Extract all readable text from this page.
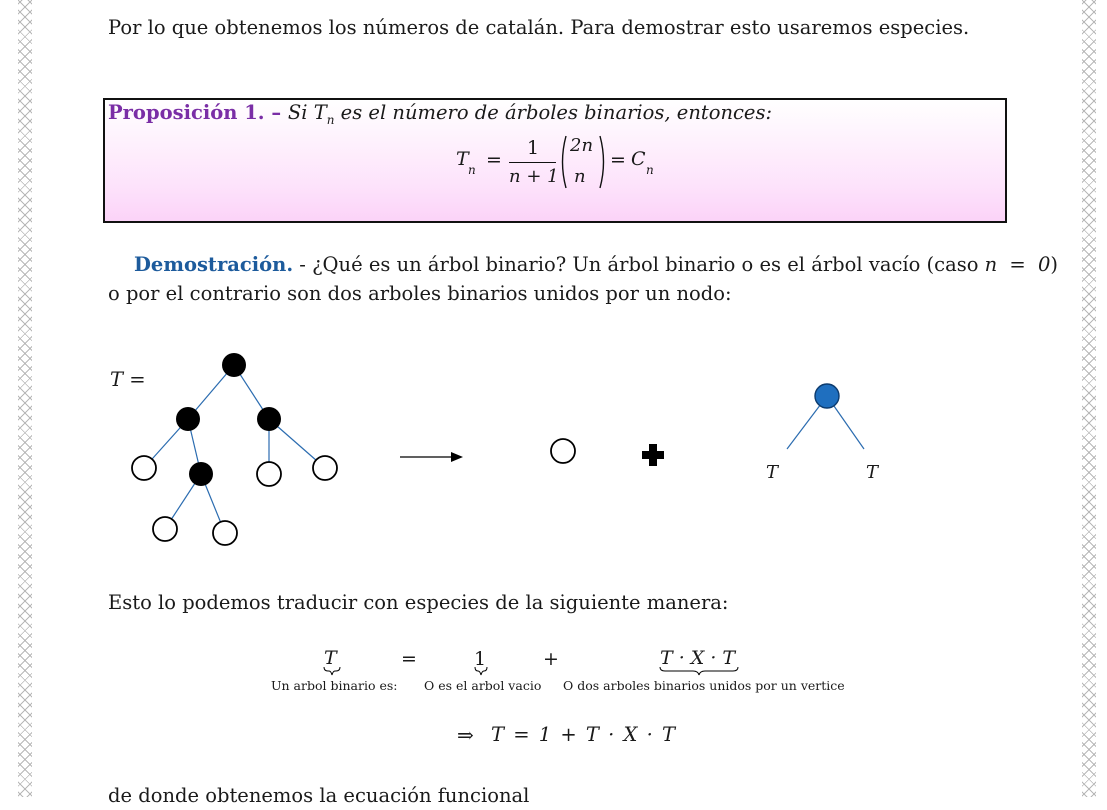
Por lo que obtenemos los números de catalán. Para demostrar esto usaremos especies.
Proposición 1. – Si $T_n$ es el número de árboles binarios, entonces:
T n =
1
n + 1
2n
n
= C n
Demostración. - ¿Qué es un árbol binario? Un árbol binario o es el árbol vacío (caso n = 0)
o por el contrario son dos arboles binarios unidos por un nodo:
T =
T	T
Esto lo podemos traducir con especies de la siguiente manera:
T	=	1	+	T · X · T
Un arbol binario es: O es el arbol vacio O dos arboles binarios unidos por un vertice
⇒ T = 1 + T · X · T
de donde obtenemos la ecuación funcional
